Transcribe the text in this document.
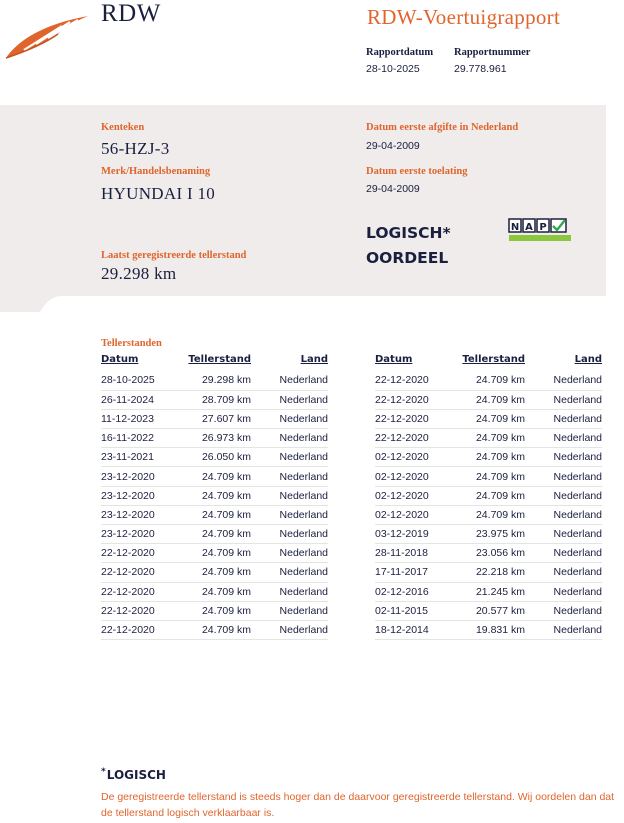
RDW	RDW-Voertuigrapport
Rapportdatum
28-10-2025
Rapportnummer
29.778.961
Kenteken
56-HZJ-3
Merk/Handelsbenaming
HYUNDAI I 10
Laatst geregistreerde tellerstand
29.298 km
Datum eerste afgifte in Nederland
29-04-2009
Datum eerste toelating
29-04-2009
LOGISCH*
OORDEEL
N A P
Tellerstanden
Datum	Tellerstand	Land
28-10-2025	29.298 km	Nederland
26-11-2024	28.709 km	Nederland
11-12-2023	27.607 km	Nederland
16-11-2022	26.973 km	Nederland
23-11-2021	26.050 km	Nederland
23-12-2020	24.709 km	Nederland
23-12-2020	24.709 km	Nederland
23-12-2020	24.709 km	Nederland
23-12-2020	24.709 km	Nederland
22-12-2020	24.709 km	Nederland
22-12-2020	24.709 km	Nederland
22-12-2020	24.709 km	Nederland
22-12-2020	24.709 km	Nederland
22-12-2020	24.709 km	Nederland
Datum	Tellerstand	Land
22-12-2020	24.709 km	Nederland
22-12-2020	24.709 km	Nederland
22-12-2020	24.709 km	Nederland
22-12-2020	24.709 km	Nederland
02-12-2020	24.709 km	Nederland
02-12-2020	24.709 km	Nederland
02-12-2020	24.709 km	Nederland
02-12-2020	24.709 km	Nederland
03-12-2019	23.975 km	Nederland
28-11-2018	23.056 km	Nederland
17-11-2017	22.218 km	Nederland
02-12-2016	21.245 km	Nederland
02-11-2015	20.577 km	Nederland
18-12-2014	19.831 km	Nederland
*LOGISCH
De geregistreerde tellerstand is steeds hoger dan de daarvoor geregistreerde tellerstand. Wij oordelen dan dat de tellerstand logisch verklaarbaar is.
